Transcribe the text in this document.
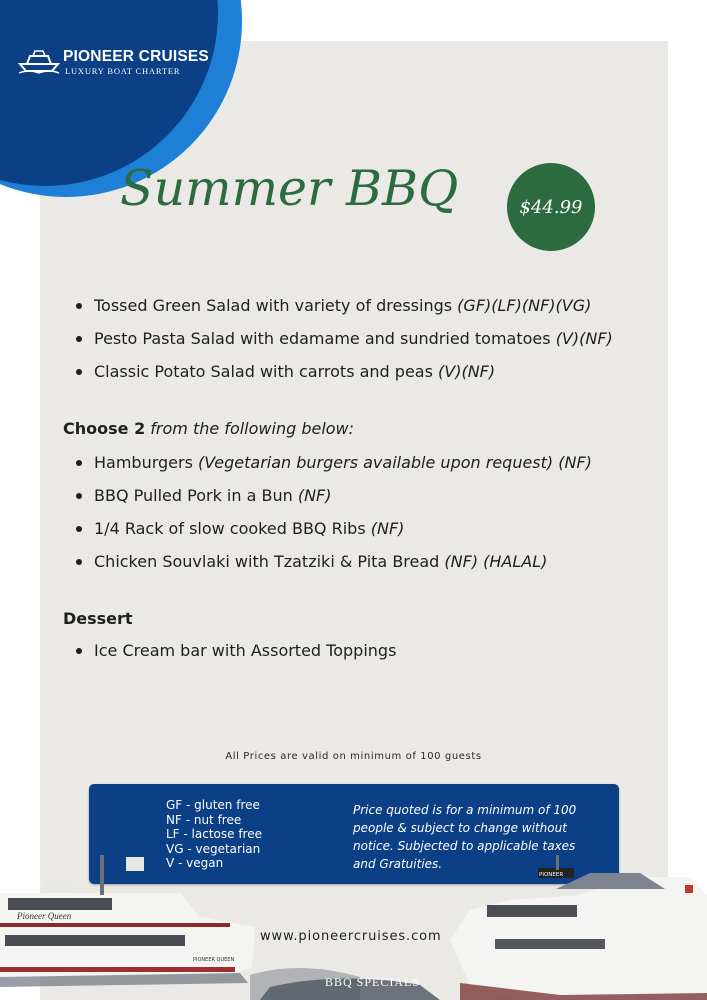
PIONEER CRUISES
LUXURY BOAT CHARTER
Summer BBQ	$44.99
Tossed Green Salad with variety of dressings (GF)(LF)(NF)(VG)
Pesto Pasta Salad with edamame and sundried tomatoes (V)(NF)
Classic Potato Salad with carrots and peas (V)(NF)
Choose 2 from the following below:
Hamburgers (Vegetarian burgers available upon request) (NF)
BBQ Pulled Pork in a Bun (NF)
1/4 Rack of slow cooked BBQ Ribs (NF)
Chicken Souvlaki with Tzatziki & Pita Bread (NF) (HALAL)
Dessert
Ice Cream bar with Assorted Toppings
All Prices are valid on minimum of 100 guests
GF - gluten free
NF - nut free
LF - lactose free
VG - vegetarian
V - vegan
Price quoted is for a minimum of 100 people & subject to change without notice. Subjected to applicable taxes and Gratuities.
Pioneer Queen
PIONEER QUEEN
PIONEER
www.pioneercruises.com
BBQ SPECIALS
